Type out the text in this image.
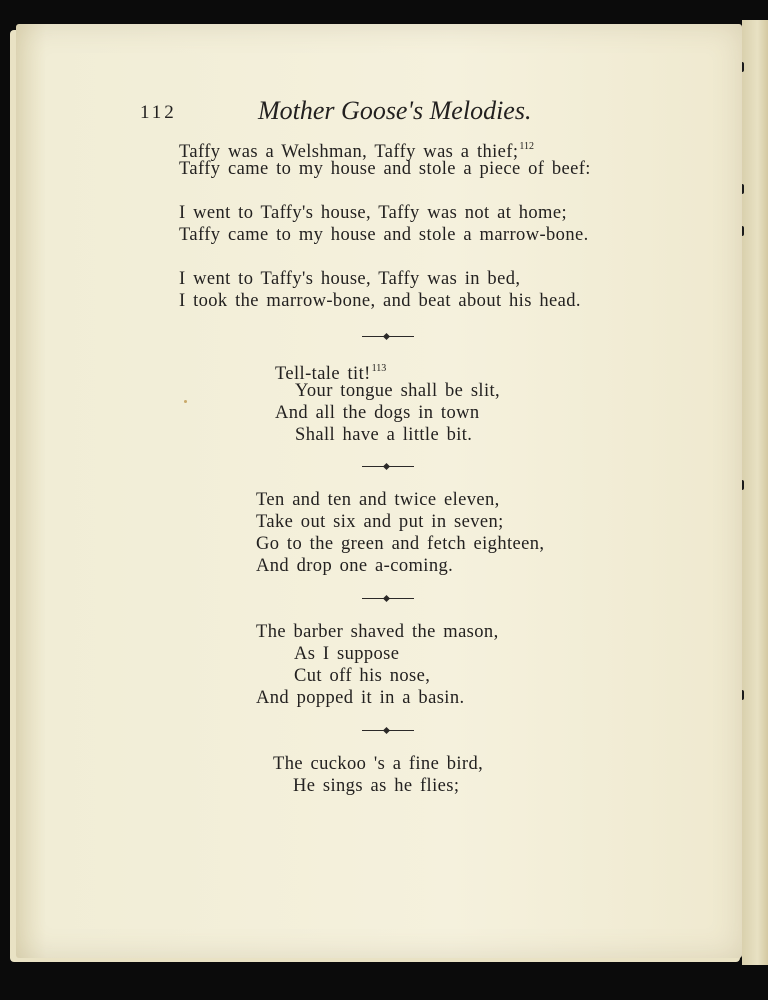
112	Mother Goose's Melodies.
Taffy was a Welshman, Taffy was a thief;$^{112}$
Taffy came to my house and stole a piece of beef:
I went to Taffy's house, Taffy was not at home;
Taffy came to my house and stole a marrow-bone.
I went to Taffy's house, Taffy was in bed,
I took the marrow-bone, and beat about his head.
Tell-tale tit!$^{113}$
Your tongue shall be slit,
And all the dogs in town
Shall have a little bit.
Ten and ten and twice eleven,
Take out six and put in seven;
Go to the green and fetch eighteen,
And drop one a-coming.
The barber shaved the mason,
As I suppose
Cut off his nose,
And popped it in a basin.
The cuckoo 's a fine bird,
He sings as he flies;
